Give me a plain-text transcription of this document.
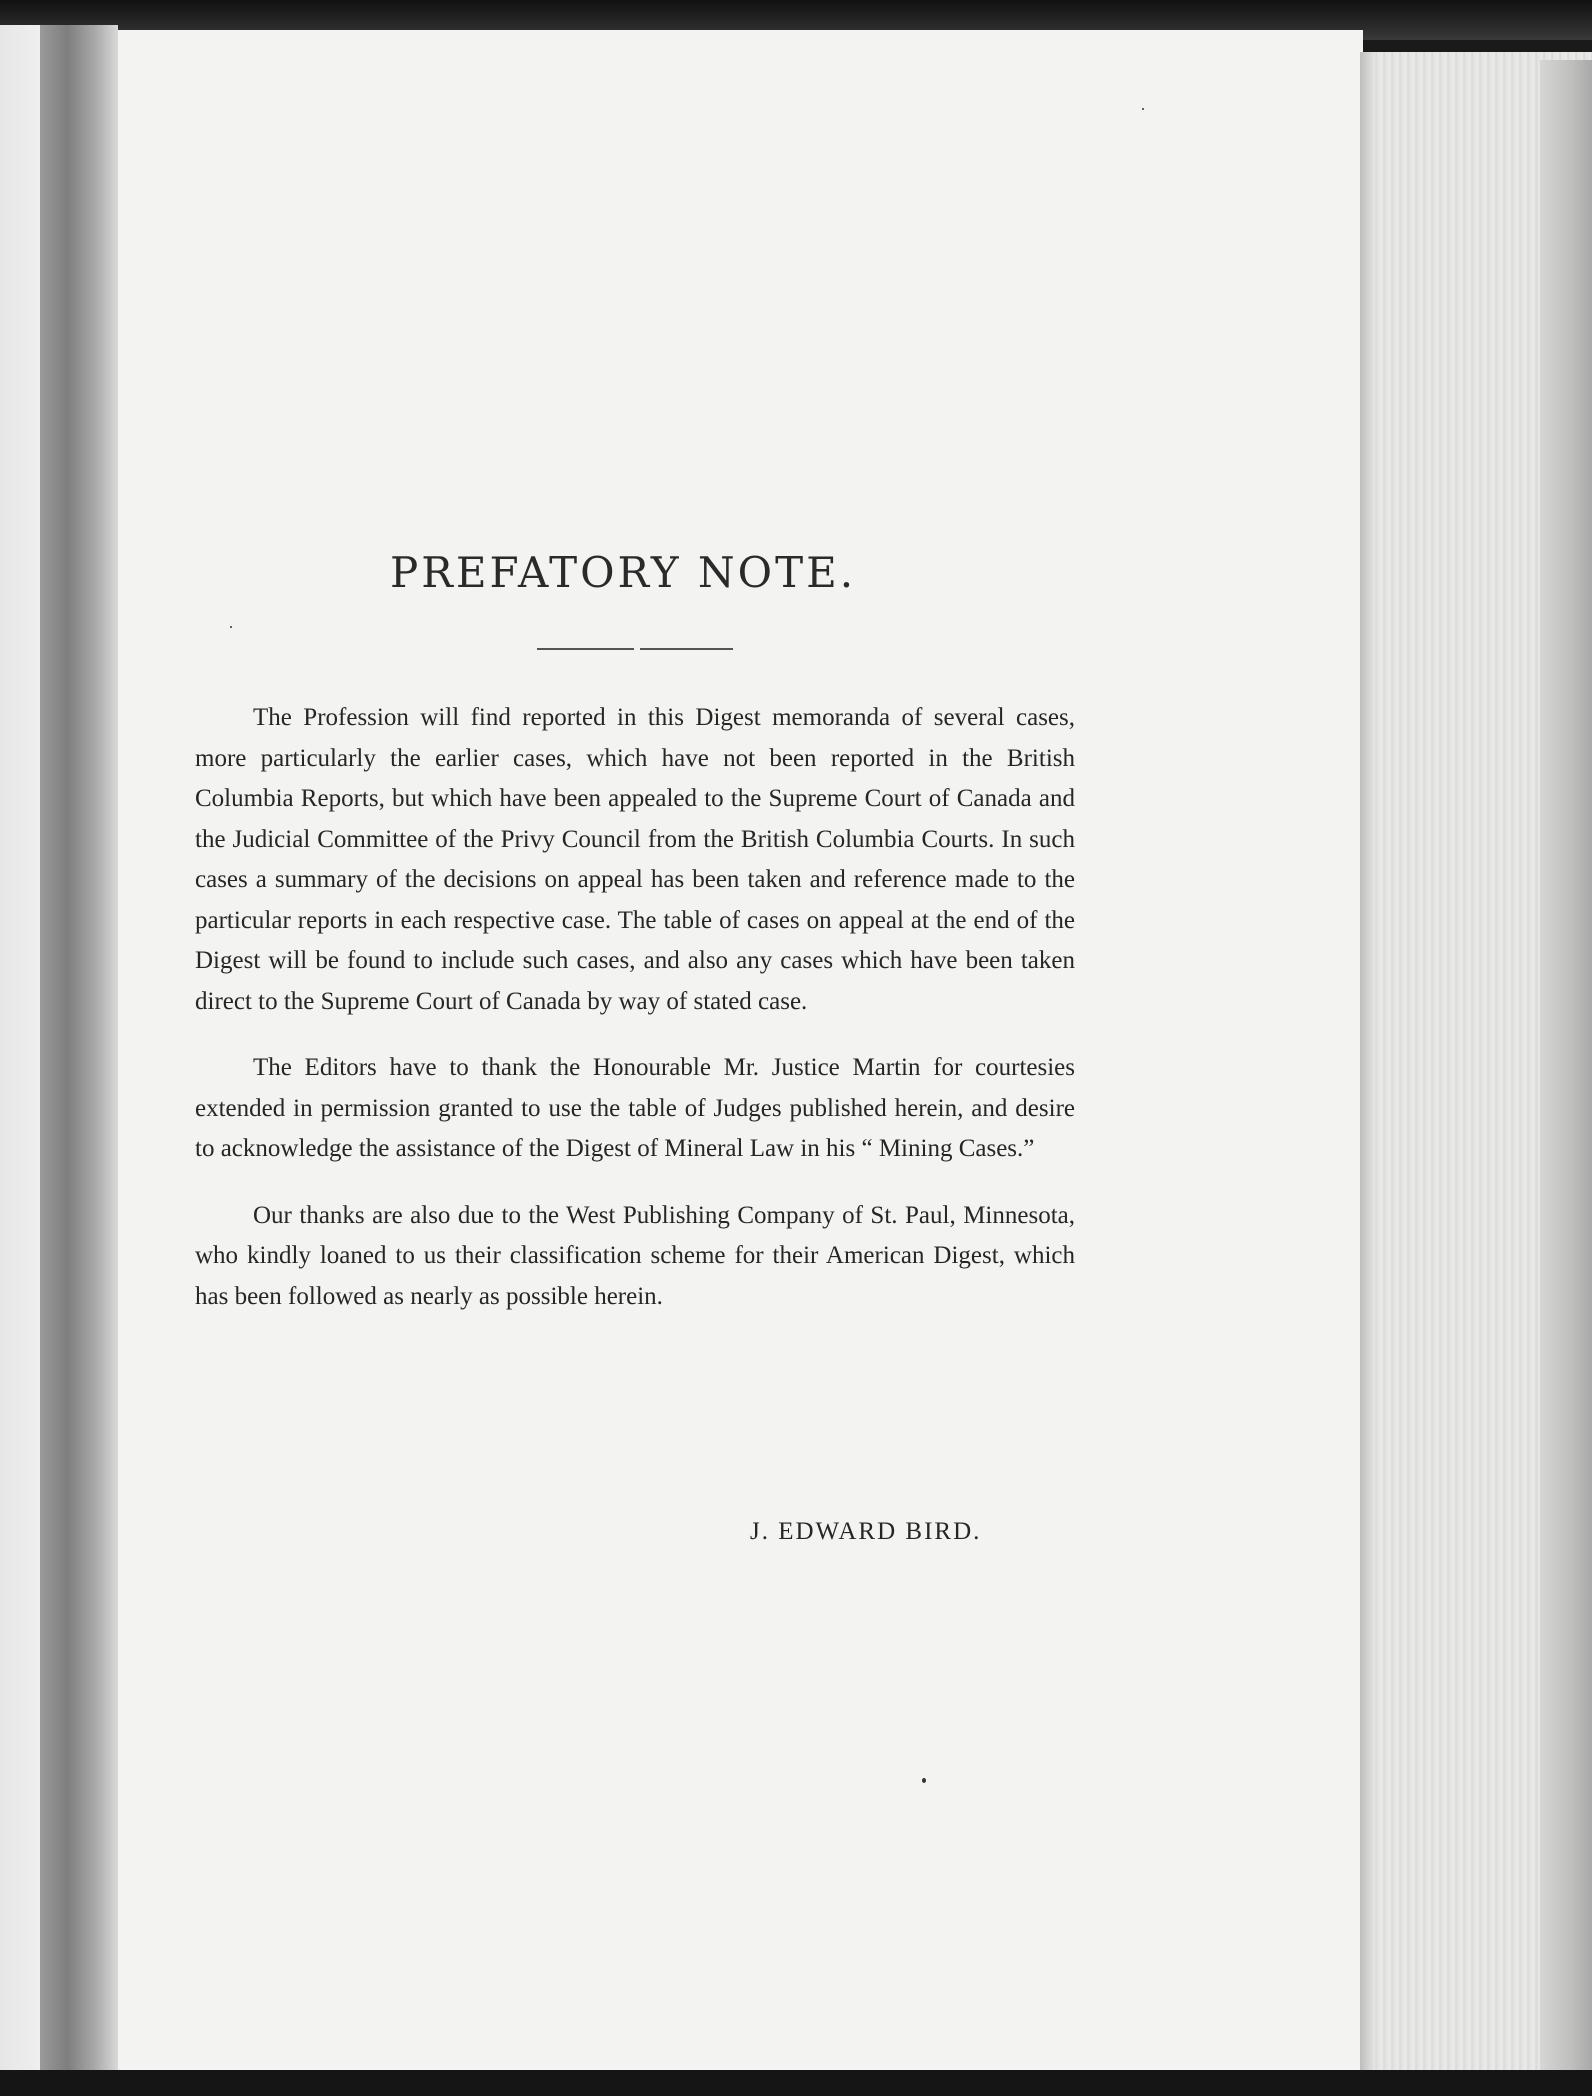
PREFATORY NOTE.

The Profession will find reported in this Digest memoranda of several cases, more particularly the earlier cases, which have not been reported in the British Columbia Reports, but which have been appealed to the Supreme Court of Canada and the Judicial Committee of the Privy Council from the British Columbia Courts. In such cases a summary of the decisions on appeal has been taken and reference made to the particular reports in each respective case. The table of cases on appeal at the end of the Digest will be found to include such cases, and also any cases which have been taken direct to the Supreme Court of Canada by way of stated case.

The Editors have to thank the Honourable Mr. Justice Martin for courtesies extended in permission granted to use the table of Judges published herein, and desire to acknowledge the assistance of the Digest of Mineral Law in his “ Mining Cases.”

Our thanks are also due to the West Publishing Company of St. Paul, Minnesota, who kindly loaned to us their classification scheme for their American Digest, which has been followed as nearly as possible herein.

J. EDWARD BIRD.
